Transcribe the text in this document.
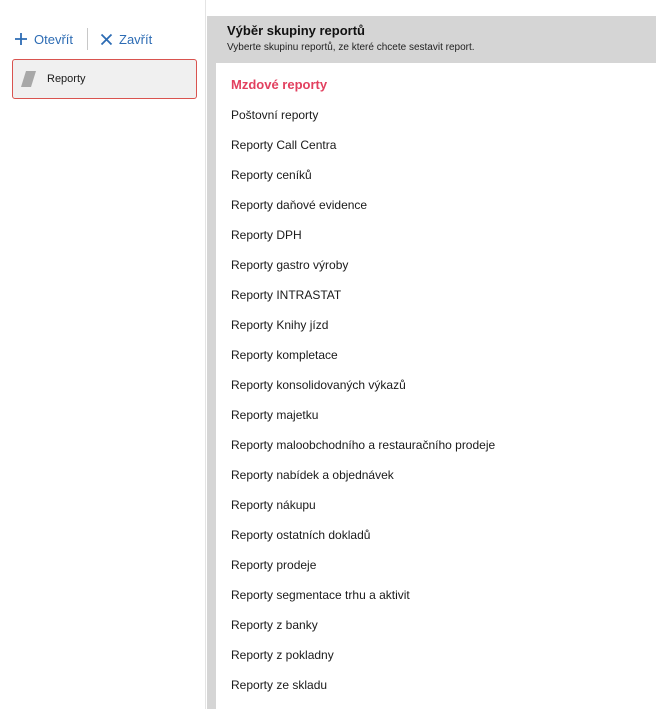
Otevřít	Zavřít
Reporty
Výběr skupiny reportů
Vyberte skupinu reportů, ze které chcete sestavit report.
Mzdové reporty
Poštovní reporty
Reporty Call Centra
Reporty ceníků
Reporty daňové evidence
Reporty DPH
Reporty gastro výroby
Reporty INTRASTAT
Reporty Knihy jízd
Reporty kompletace
Reporty konsolidovaných výkazů
Reporty majetku
Reporty maloobchodního a restauračního prodeje
Reporty nabídek a objednávek
Reporty nákupu
Reporty ostatních dokladů
Reporty prodeje
Reporty segmentace trhu a aktivit
Reporty z banky
Reporty z pokladny
Reporty ze skladu
